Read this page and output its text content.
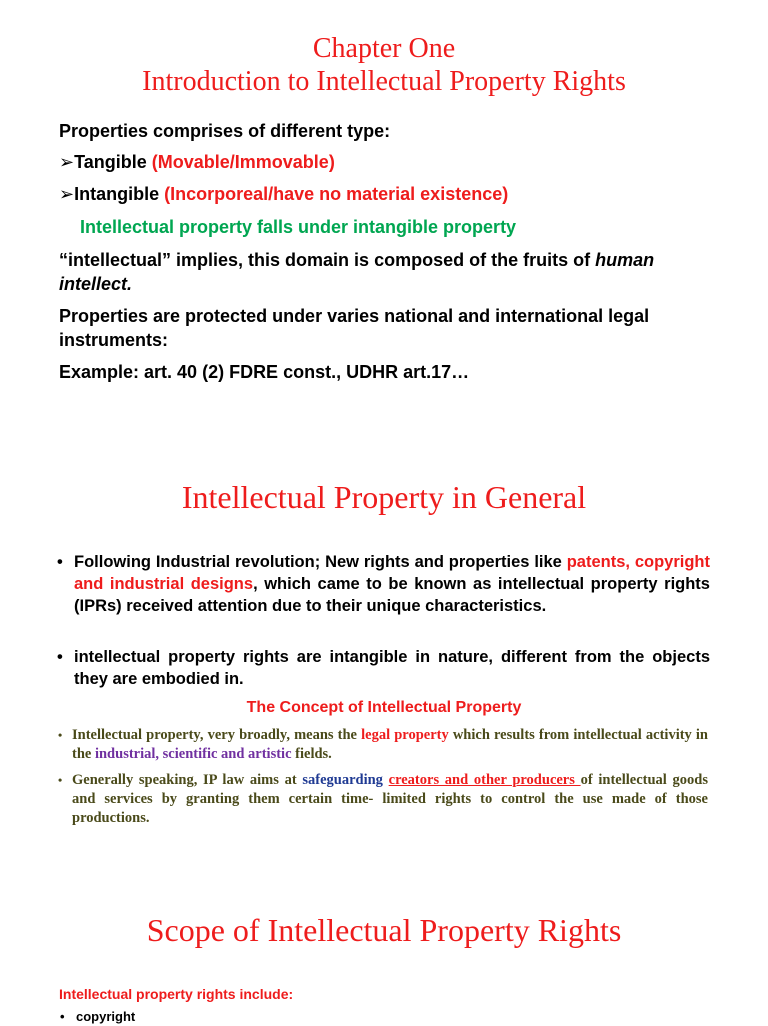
Chapter One
Introduction to Intellectual Property Rights
Properties comprises of different type:
➢Tangible (Movable/Immovable)
➢Intangible (Incorporeal/have no material existence)
Intellectual property falls under intangible property
“intellectual” implies, this domain is composed of the fruits of human intellect.
Properties are protected under varies national and international legal instruments:
Example: art. 40 (2) FDRE const., UDHR art.17…
Intellectual Property in General
• Following Industrial revolution; New rights and properties like patents, copyright and industrial designs, which came to be known as intellectual property rights (IPRs) received attention due to their unique characteristics.
• intellectual property rights are intangible in nature, different from the objects they are embodied in.
The Concept of Intellectual Property
• Intellectual property, very broadly, means the legal property which results from intellectual activity in the industrial, scientific and artistic fields.
• Generally speaking, IP law aims at safeguarding creators and other producers of intellectual goods and services by granting them certain time- limited rights to control the use made of those productions.
Scope of Intellectual Property Rights
Intellectual property rights include:
• copyright
